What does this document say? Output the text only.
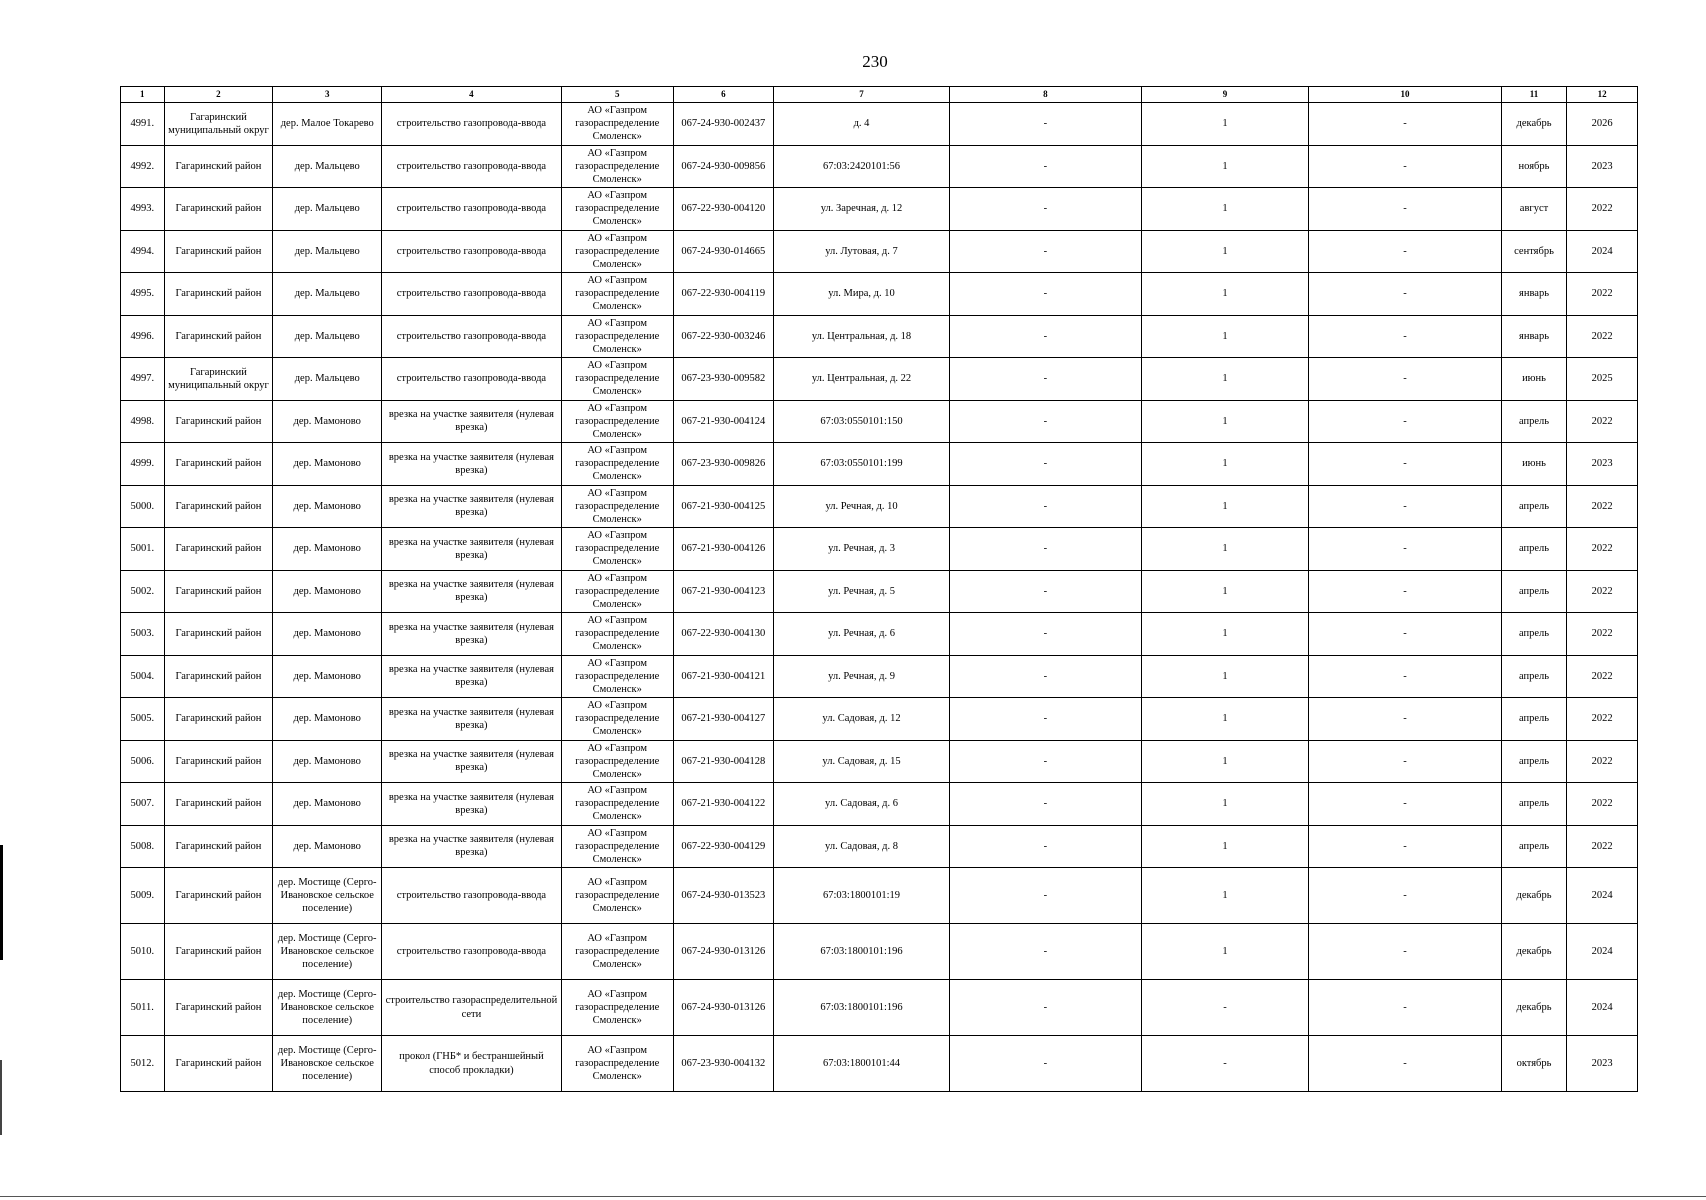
230
1	2	3	4	5	6	7	8	9	10	11	12
4991.	Гагаринский муниципальный округ	дер. Малое Токарево	строительство газопровода-ввода	АО «Газпром газораспределение Смоленск»	067-24-930-002437	д. 4	-	1	-	декабрь	2026
4992.	Гагаринский район	дер. Мальцево	строительство газопровода-ввода	АО «Газпром газораспределение Смоленск»	067-24-930-009856	67:03:2420101:56	-	1	-	ноябрь	2023
4993.	Гагаринский район	дер. Мальцево	строительство газопровода-ввода	АО «Газпром газораспределение Смоленск»	067-22-930-004120	ул. Заречная, д. 12	-	1	-	август	2022
4994.	Гагаринский район	дер. Мальцево	строительство газопровода-ввода	АО «Газпром газораспределение Смоленск»	067-24-930-014665	ул. Лутовая, д. 7	-	1	-	сентябрь	2024
4995.	Гагаринский район	дер. Мальцево	строительство газопровода-ввода	АО «Газпром газораспределение Смоленск»	067-22-930-004119	ул. Мира, д. 10	-	1	-	январь	2022
4996.	Гагаринский район	дер. Мальцево	строительство газопровода-ввода	АО «Газпром газораспределение Смоленск»	067-22-930-003246	ул. Центральная, д. 18	-	1	-	январь	2022
4997.	Гагаринский муниципальный округ	дер. Мальцево	строительство газопровода-ввода	АО «Газпром газораспределение Смоленск»	067-23-930-009582	ул. Центральная, д. 22	-	1	-	июнь	2025
4998.	Гагаринский район	дер. Мамоново	врезка на участке заявителя (нулевая врезка)	АО «Газпром газораспределение Смоленск»	067-21-930-004124	67:03:0550101:150	-	1	-	апрель	2022
4999.	Гагаринский район	дер. Мамоново	врезка на участке заявителя (нулевая врезка)	АО «Газпром газораспределение Смоленск»	067-23-930-009826	67:03:0550101:199	-	1	-	июнь	2023
5000.	Гагаринский район	дер. Мамоново	врезка на участке заявителя (нулевая врезка)	АО «Газпром газораспределение Смоленск»	067-21-930-004125	ул. Речная, д. 10	-	1	-	апрель	2022
5001.	Гагаринский район	дер. Мамоново	врезка на участке заявителя (нулевая врезка)	АО «Газпром газораспределение Смоленск»	067-21-930-004126	ул. Речная, д. 3	-	1	-	апрель	2022
5002.	Гагаринский район	дер. Мамоново	врезка на участке заявителя (нулевая врезка)	АО «Газпром газораспределение Смоленск»	067-21-930-004123	ул. Речная, д. 5	-	1	-	апрель	2022
5003.	Гагаринский район	дер. Мамоново	врезка на участке заявителя (нулевая врезка)	АО «Газпром газораспределение Смоленск»	067-22-930-004130	ул. Речная, д. 6	-	1	-	апрель	2022
5004.	Гагаринский район	дер. Мамоново	врезка на участке заявителя (нулевая врезка)	АО «Газпром газораспределение Смоленск»	067-21-930-004121	ул. Речная, д. 9	-	1	-	апрель	2022
5005.	Гагаринский район	дер. Мамоново	врезка на участке заявителя (нулевая врезка)	АО «Газпром газораспределение Смоленск»	067-21-930-004127	ул. Садовая, д. 12	-	1	-	апрель	2022
5006.	Гагаринский район	дер. Мамоново	врезка на участке заявителя (нулевая врезка)	АО «Газпром газораспределение Смоленск»	067-21-930-004128	ул. Садовая, д. 15	-	1	-	апрель	2022
5007.	Гагаринский район	дер. Мамоново	врезка на участке заявителя (нулевая врезка)	АО «Газпром газораспределение Смоленск»	067-21-930-004122	ул. Садовая, д. 6	-	1	-	апрель	2022
5008.	Гагаринский район	дер. Мамоново	врезка на участке заявителя (нулевая врезка)	АО «Газпром газораспределение Смоленск»	067-22-930-004129	ул. Садовая, д. 8	-	1	-	апрель	2022
5009.	Гагаринский район	дер. Мостище (Серго-Ивановское сельское поселение)	строительство газопровода-ввода	АО «Газпром газораспределение Смоленск»	067-24-930-013523	67:03:1800101:19	-	1	-	декабрь	2024
5010.	Гагаринский район	дер. Мостище (Серго-Ивановское сельское поселение)	строительство газопровода-ввода	АО «Газпром газораспределение Смоленск»	067-24-930-013126	67:03:1800101:196	-	1	-	декабрь	2024
5011.	Гагаринский район	дер. Мостище (Серго-Ивановское сельское поселение)	строительство газораспределительной сети	АО «Газпром газораспределение Смоленск»	067-24-930-013126	67:03:1800101:196	-	-	-	декабрь	2024
5012.	Гагаринский район	дер. Мостище (Серго-Ивановское сельское поселение)	прокол (ГНБ* и бестраншейный способ прокладки)	АО «Газпром газораспределение Смоленск»	067-23-930-004132	67:03:1800101:44	-	-	-	октябрь	2023
